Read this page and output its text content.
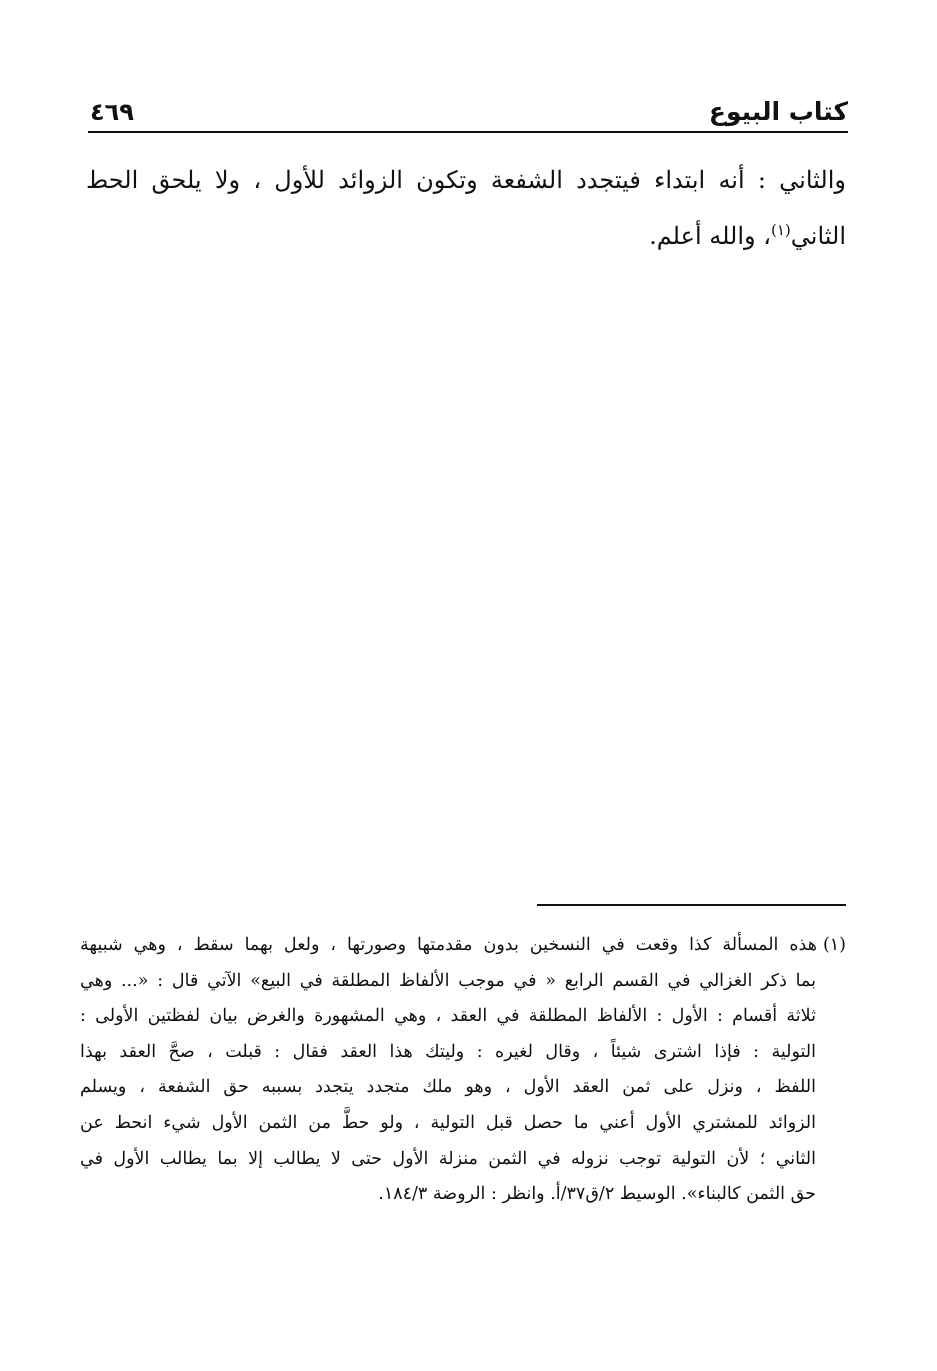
كتاب البيوع
٤٦٩
والثاني : أنه ابتداء فيتجدد الشفعة وتكون الزوائد للأول ، ولا يلحق الحط
الثاني$^{(١)}$، والله أعلم.
(١)هذه المسألة كذا وقعت في النسخين بدون مقدمتها وصورتها ، ولعل بهما سقط ، وهي شبيهة
بما ذكر الغزالي في القسم الرابع « في موجب الألفاظ المطلقة في البيع» الآتي قال : «... وهي
ثلاثة أقسام : الأول : الألفاظ المطلقة في العقد ، وهي المشهورة والغرض بيان لفظتين الأولى :
التولية : فإذا اشترى شيئاً ، وقال لغيره : وليتك هذا العقد فقال : قبلت ، صحَّ العقد بهذا
اللفظ ، ونزل على ثمن العقد الأول ، وهو ملك متجدد يتجدد بسببه حق الشفعة ، ويسلم
الزوائد للمشتري الأول أعني ما حصل قبل التولية ، ولو حطَّ من الثمن الأول شيء انحط عن
الثاني ؛ لأن التولية توجب نزوله في الثمن منزلة الأول حتى لا يطالب إلا بما يطالب الأول في
حق الثمن كالبناء». الوسيط ٢/ق٣٧/أ. وانظر : الروضة ١٨٤/٣.
